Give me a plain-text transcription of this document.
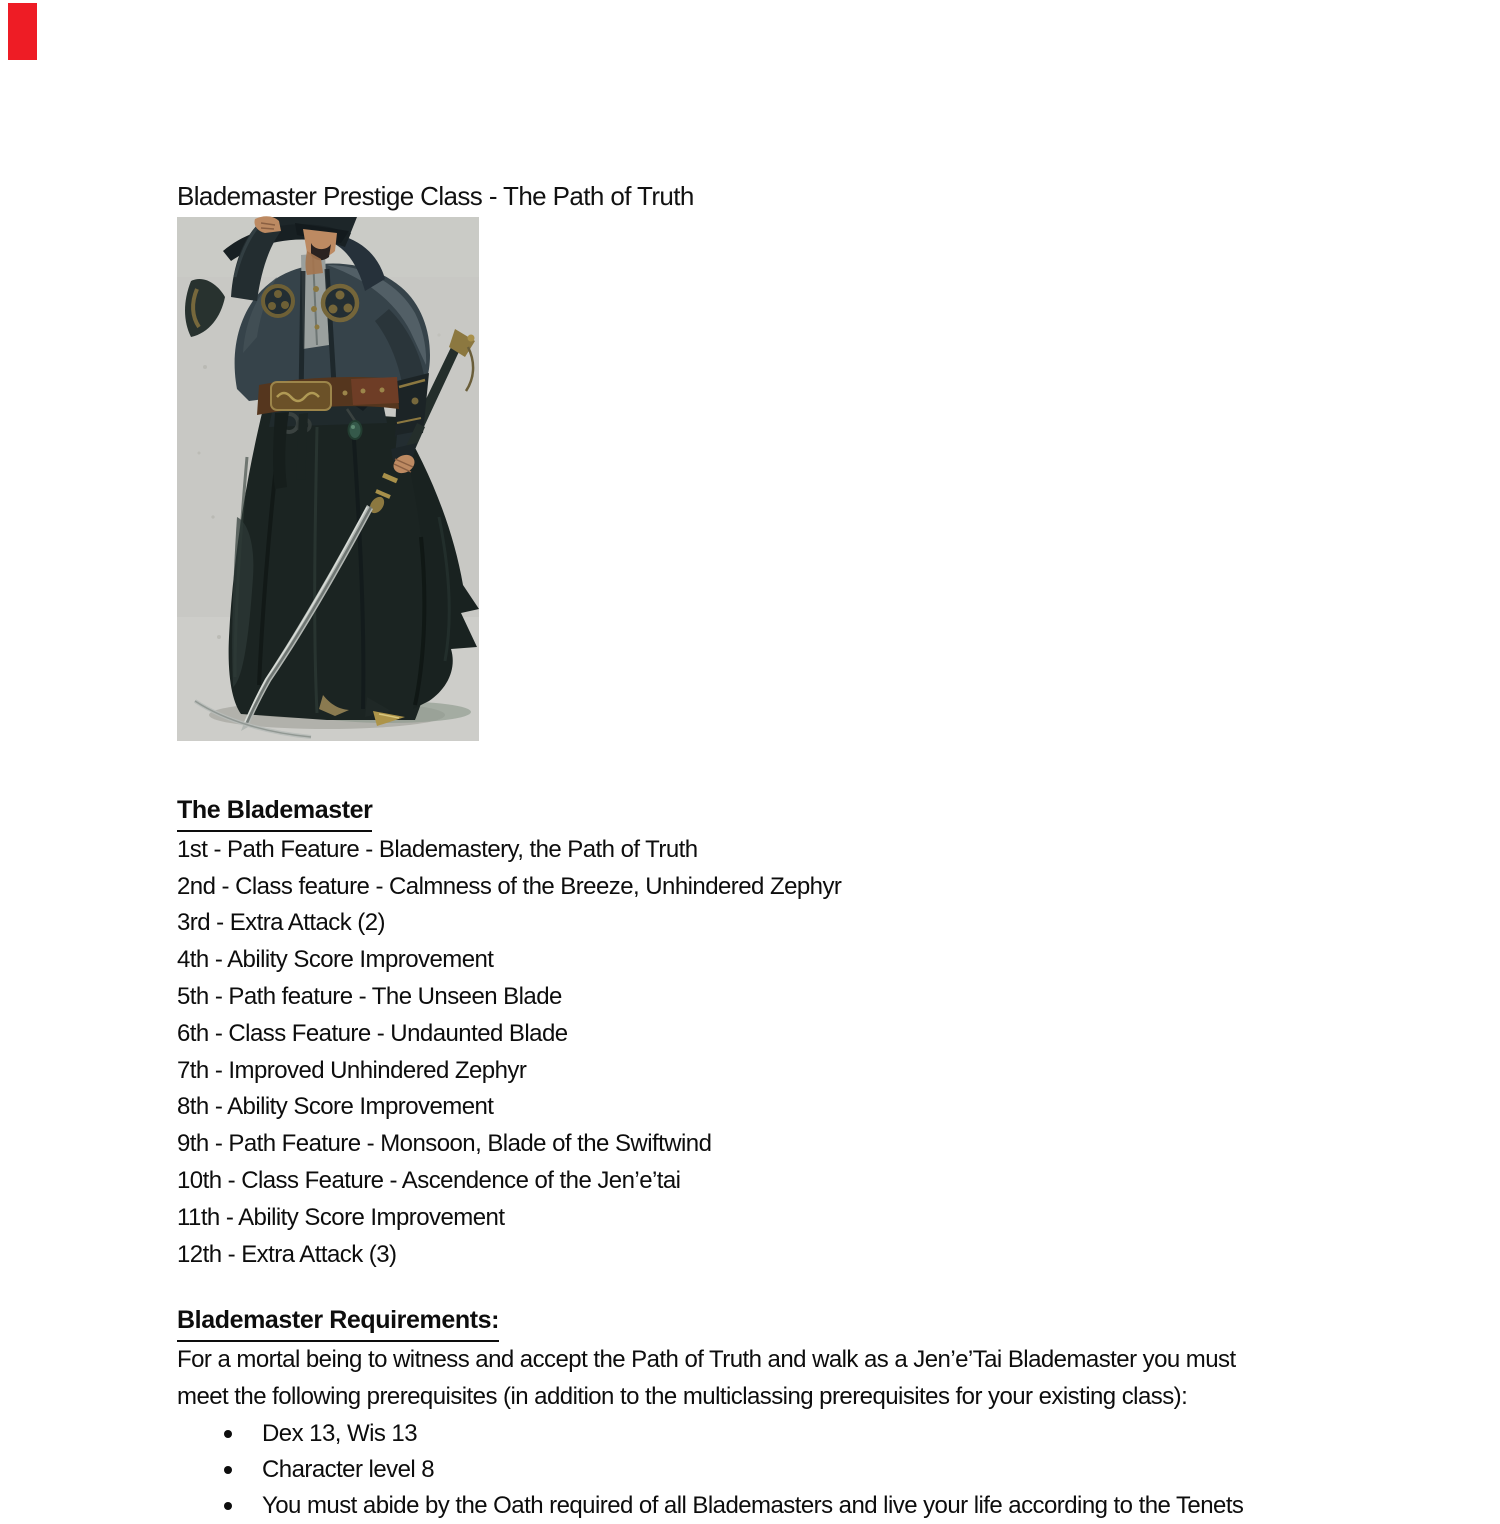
Blademaster Prestige Class - The Path of Truth
The Blademaster
1st - Path Feature - Blademastery, the Path of Truth
2nd - Class feature - Calmness of the Breeze, Unhindered Zephyr
3rd - Extra Attack (2)
4th - Ability Score Improvement
5th - Path feature - The Unseen Blade
6th - Class Feature - Undaunted Blade
7th - Improved Unhindered Zephyr
8th - Ability Score Improvement
9th - Path Feature - Monsoon, Blade of the Swiftwind
10th - Class Feature - Ascendence of the Jen’e’tai
11th - Ability Score Improvement
12th - Extra Attack (3)
Blademaster Requirements:
For a mortal being to witness and accept the Path of Truth and walk as a Jen’e’Tai Blademaster you must
meet the following prerequisites (in addition to the multiclassing prerequisites for your existing class):
Dex 13, Wis 13
Character level 8
You must abide by the Oath required of all Blademasters and live your life according to the Tenets
